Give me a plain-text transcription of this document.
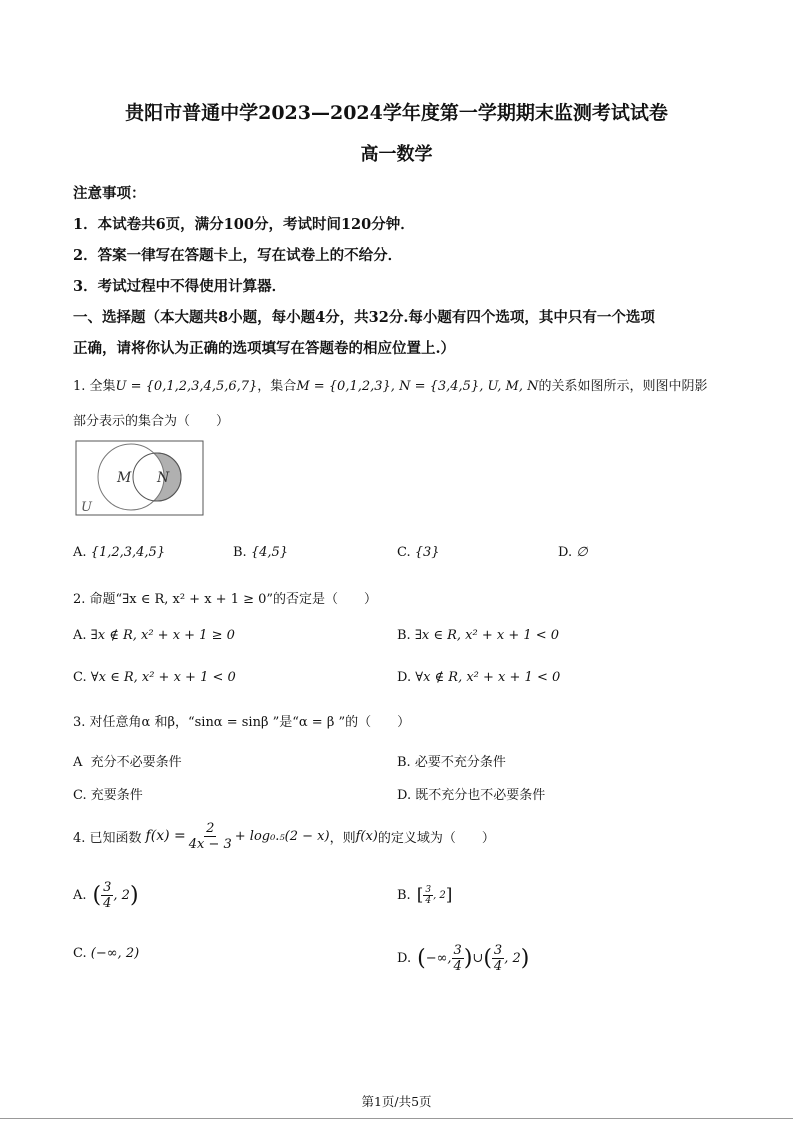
贵阳市普通中学2023—2024学年度第一学期期末监测考试试卷
高一数学
注意事项：
1．本试卷共6页，满分100分，考试时间120分钟．
2．答案一律写在答题卡上，写在试卷上的不给分．
3．考试过程中不得使用计算器．
一、选择题（本大题共8小题，每小题4分，共32分.每小题有四个选项，其中只有一个选项
正确，请将你认为正确的选项填写在答题卷的相应位置上.）
1. 全集U = {0,1,2,3,4,5,6,7}，集合M = {0,1,2,3}, N = {3,4,5}, U, M, N的关系如图所示，则图中阴影
部分表示的集合为（　　）
M N
U
A. {1,2,3,4,5}	B. {4,5}	C. {3}	D. ∅
2. 命题“∃x ∈ R, x² + x + 1 ≥ 0”的否定是（　　）
A. ∃x ∉ R, x² + x + 1 ≥ 0	B. ∃x ∈ R, x² + x + 1 < 0
C. ∀x ∈ R, x² + x + 1 < 0	D. ∀x ∉ R, x² + x + 1 < 0
3. 对任意角α 和β，“sinα = sinβ ”是“α = β ”的（　　）
A 充分不必要条件	B. 必要不充分条件
C. 充要条件	D. 既不充分也不必要条件
4. 已知函数 $f(x) = \frac{2}{4x - 3} + \log_0._5(2 - x)$ ，则 f(x) 的定义域为（　　）
A. ( $\frac{3}{4}$ , 2 )	B. [ $\frac{3}{4}$ , 2 ]
C. (−∞, 2)	D. ( −∞, $\frac{3}{4}$ ) ∪ ( $\frac{3}{4}$ , 2 )
第1页/共5页
